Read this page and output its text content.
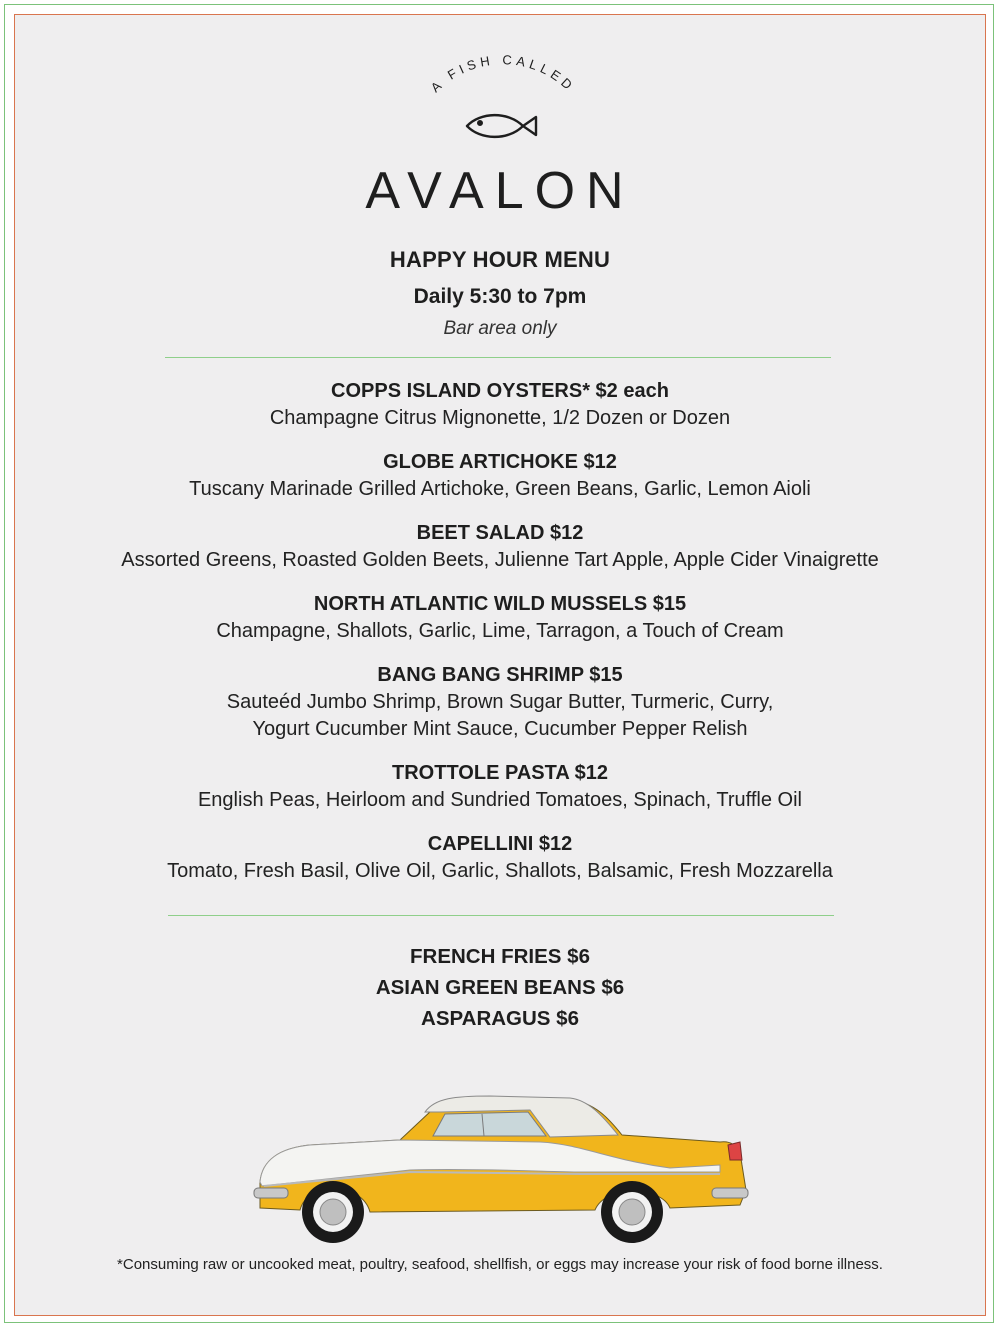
A FISH CALLED
AVALON
HAPPY HOUR MENU
Daily 5:30 to 7pm
Bar area only
COPPS ISLAND OYSTERS* $2 each
Champagne Citrus Mignonette, 1/2 Dozen or Dozen
GLOBE ARTICHOKE $12
Tuscany Marinade Grilled Artichoke, Green Beans, Garlic, Lemon Aioli
BEET SALAD $12
Assorted Greens, Roasted Golden Beets, Julienne Tart Apple, Apple Cider Vinaigrette
NORTH ATLANTIC WILD MUSSELS $15
Champagne, Shallots, Garlic, Lime, Tarragon, a Touch of Cream
BANG BANG SHRIMP $15
Sauteéd Jumbo Shrimp, Brown Sugar Butter, Turmeric, Curry,
Yogurt Cucumber Mint Sauce, Cucumber Pepper Relish
TROTTOLE PASTA $12
English Peas, Heirloom and Sundried Tomatoes, Spinach, Truffle Oil
CAPELLINI $12
Tomato, Fresh Basil, Olive Oil, Garlic, Shallots, Balsamic, Fresh Mozzarella
FRENCH FRIES $6
ASIAN GREEN BEANS $6
ASPARAGUS $6
*Consuming raw or uncooked meat, poultry, seafood, shellfish, or eggs may increase your risk of food borne illness.
